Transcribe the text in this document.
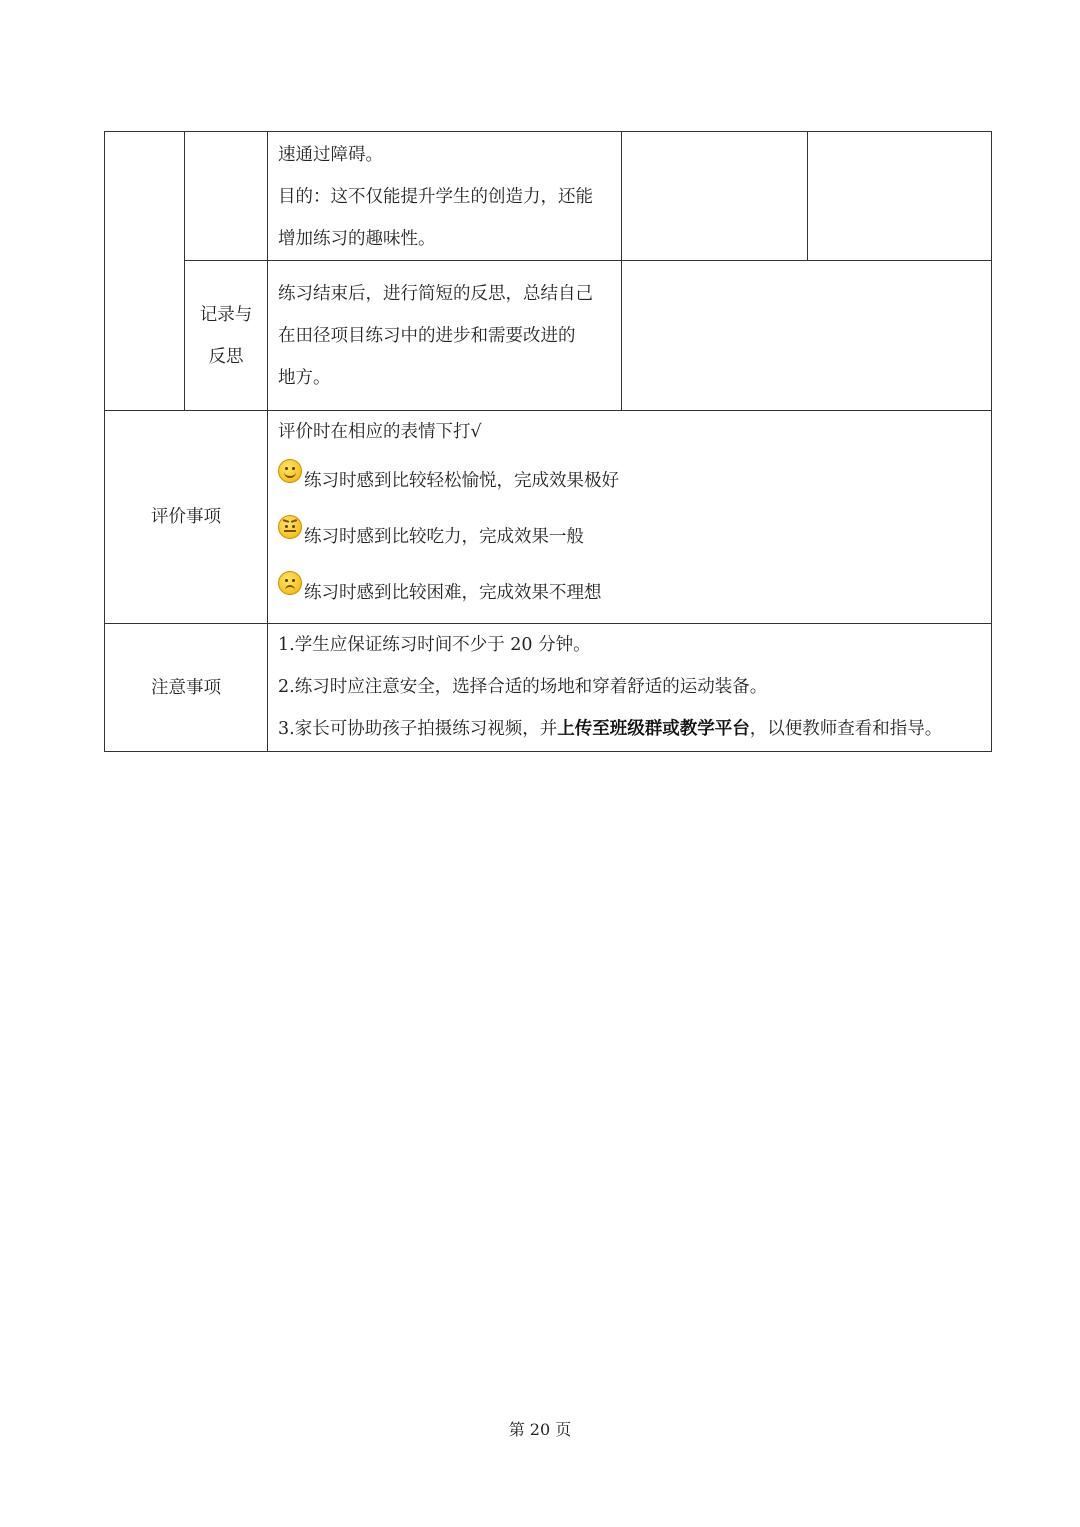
		速通过障碍。
目的：这不仅能提升学生的创造力，还能
增加练习的趣味性。		

	记录与
反思	练习结束后，进行简短的反思，总结自己
在田径项目练习中的进步和需要改进的
地方。		

评价事项		评价时在相应的表情下打√
练习时感到比较轻松愉悦，完成效果极好
练习时感到比较吃力，完成效果一般
练习时感到比较困难，完成效果不理想		

注意事项		1.学生应保证练习时间不少于 20 分钟。
2.练习时应注意安全，选择合适的场地和穿着舒适的运动装备。
3.家长可协助孩子拍摄练习视频，并上传至班级群或教学平台，以便教师查看和指导。		
第 20 页
